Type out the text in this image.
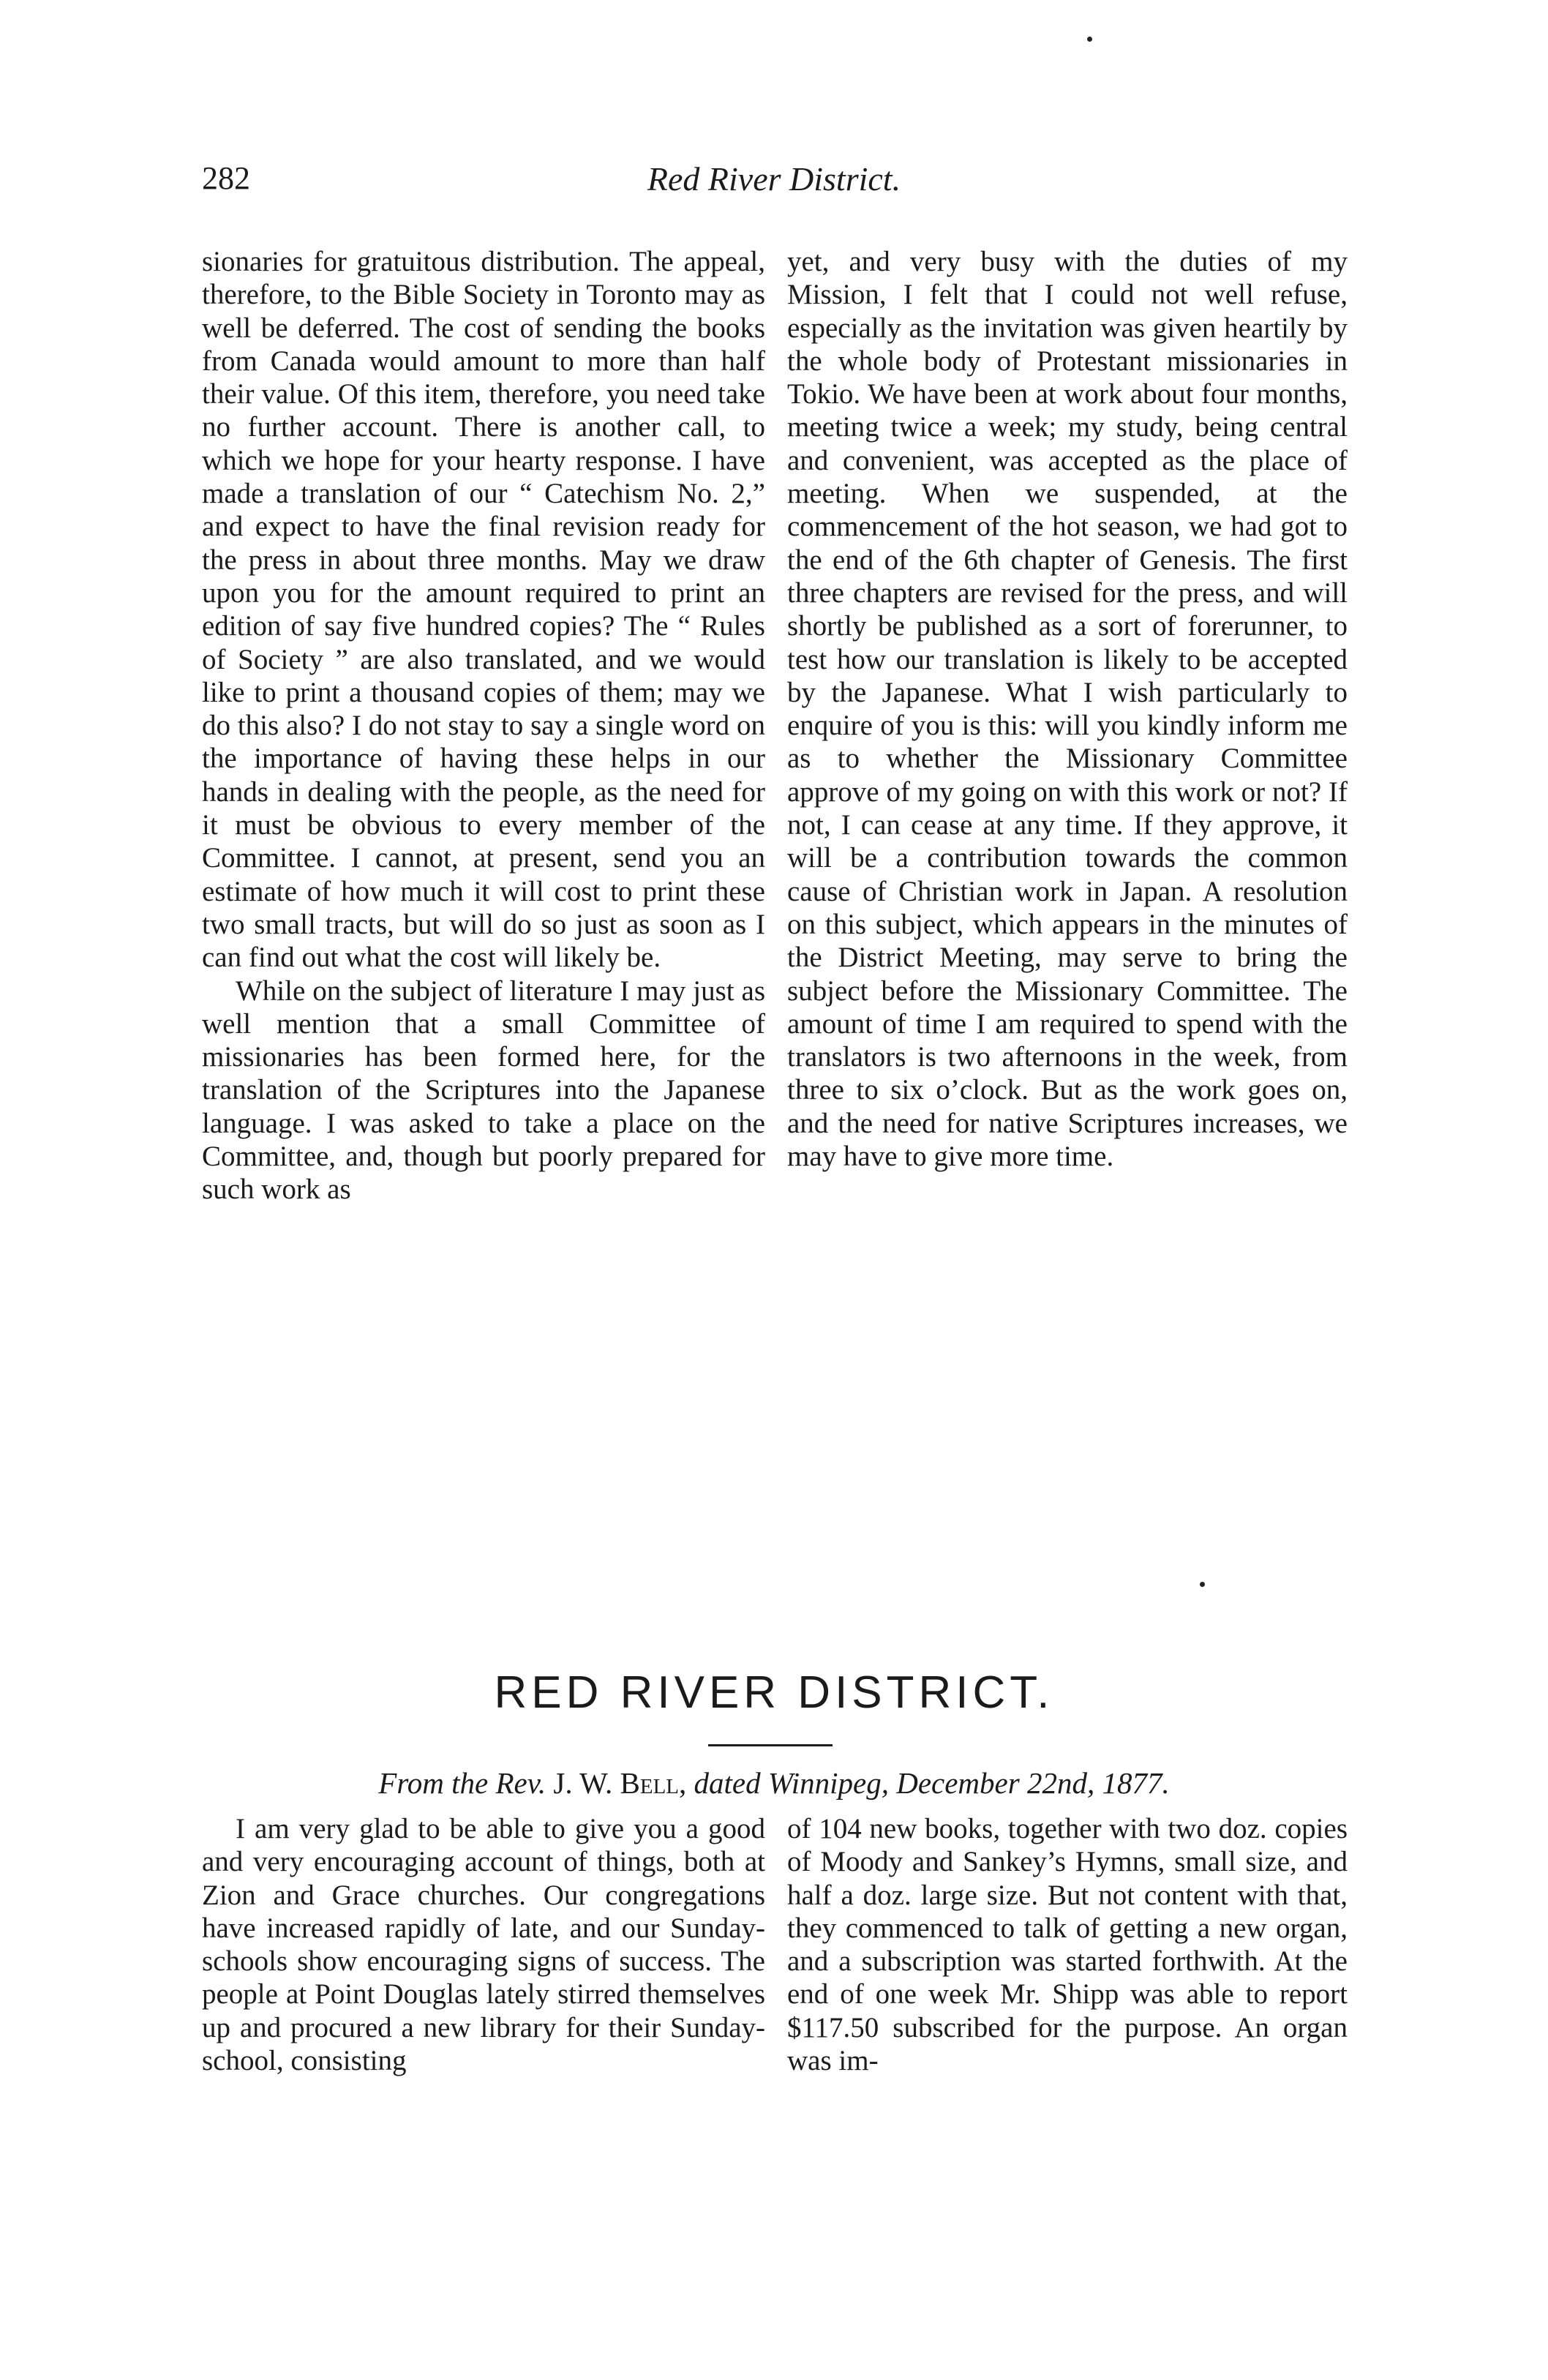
282	Red River District.

sionaries for gratuitous distribution. The appeal, therefore, to the Bible Society in Toronto may as well be deferred. The cost of sending the books from Canada would amount to more than half their value. Of this item, therefore, you need take no further account. There is another call, to which we hope for your hearty response. I have made a translation of our “ Catechism No. 2,” and expect to have the final revision ready for the press in about three months. May we draw upon you for the amount required to print an edition of say five hundred copies? The “ Rules of Society ” are also translated, and we would like to print a thousand copies of them; may we do this also? I do not stay to say a single word on the importance of having these helps in our hands in dealing with the people, as the need for it must be obvious to every member of the Committee. I cannot, at present, send you an estimate of how much it will cost to print these two small tracts, but will do so just as soon as I can find out what the cost will likely be.

While on the subject of literature I may just as well mention that a small Committee of missionaries has been formed here, for the translation of the Scriptures into the Japanese language. I was asked to take a place on the Committee, and, though but poorly prepared for such work as

yet, and very busy with the duties of my Mission, I felt that I could not well refuse, especially as the invitation was given heartily by the whole body of Protestant missionaries in Tokio. We have been at work about four months, meeting twice a week; my study, being central and convenient, was accepted as the place of meeting. When we suspended, at the commencement of the hot season, we had got to the end of the 6th chapter of Genesis. The first three chapters are revised for the press, and will shortly be published as a sort of forerunner, to test how our translation is likely to be accepted by the Japanese. What I wish particularly to enquire of you is this: will you kindly inform me as to whether the Missionary Committee approve of my going on with this work or not? If not, I can cease at any time. If they approve, it will be a contribution towards the common cause of Christian work in Japan. A resolution on this subject, which appears in the minutes of the District Meeting, may serve to bring the subject before the Missionary Committee. The amount of time I am required to spend with the translators is two afternoons in the week, from three to six o’clock. But as the work goes on, and the need for native Scriptures increases, we may have to give more time.

RED RIVER DISTRICT.
From the Rev. J. W. Bell, dated Winnipeg, December 22nd, 1877.

I am very glad to be able to give you a good and very encouraging account of things, both at Zion and Grace churches. Our congregations have increased rapidly of late, and our Sunday-schools show encouraging signs of success. The people at Point Douglas lately stirred themselves up and procured a new library for their Sunday-school, consisting

of 104 new books, together with two doz. copies of Moody and Sankey’s Hymns, small size, and half a doz. large size. But not content with that, they commenced to talk of getting a new organ, and a subscription was started forthwith. At the end of one week Mr. Shipp was able to report $117.50 subscribed for the purpose. An organ was im-
